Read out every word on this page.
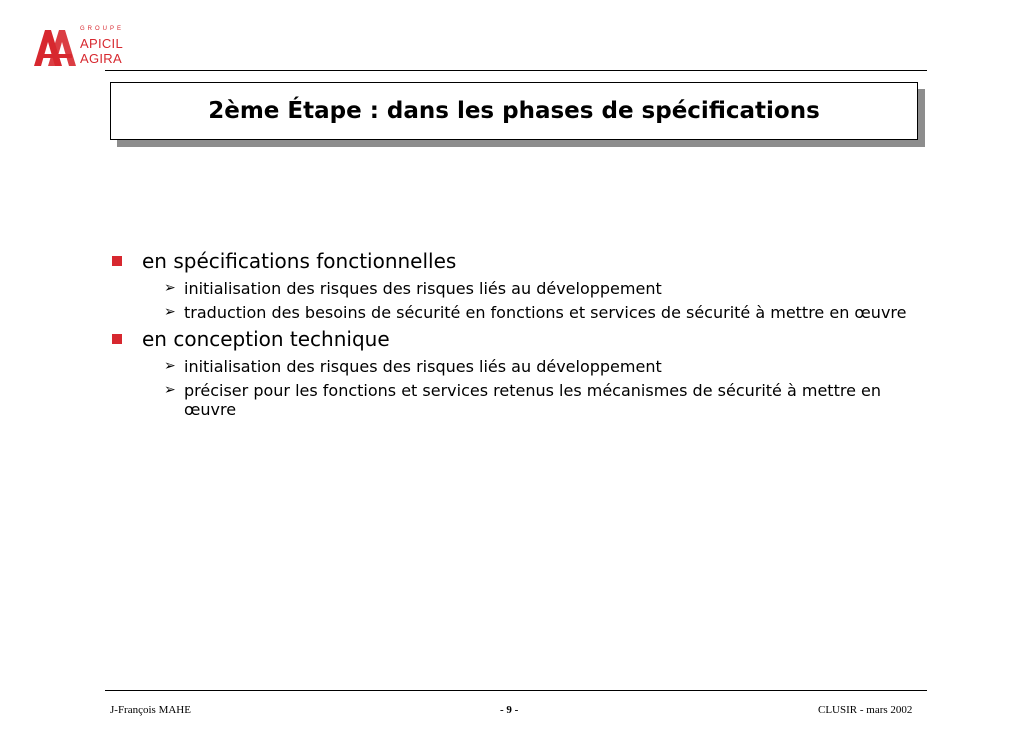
GROUPE
APICIL
AGIRA
2ème Étape : dans les phases de spécifications
en spécifications fonctionnelles
➢ initialisation des risques des risques liés au développement
➢ traduction des besoins de sécurité en fonctions et services de sécurité à mettre en œuvre
en conception technique
➢ initialisation des risques des risques liés au développement
➢ préciser pour les fonctions et services retenus les mécanismes de sécurité à mettre en œuvre
J-François MAHE	- 9 -	CLUSIR - mars 2002
